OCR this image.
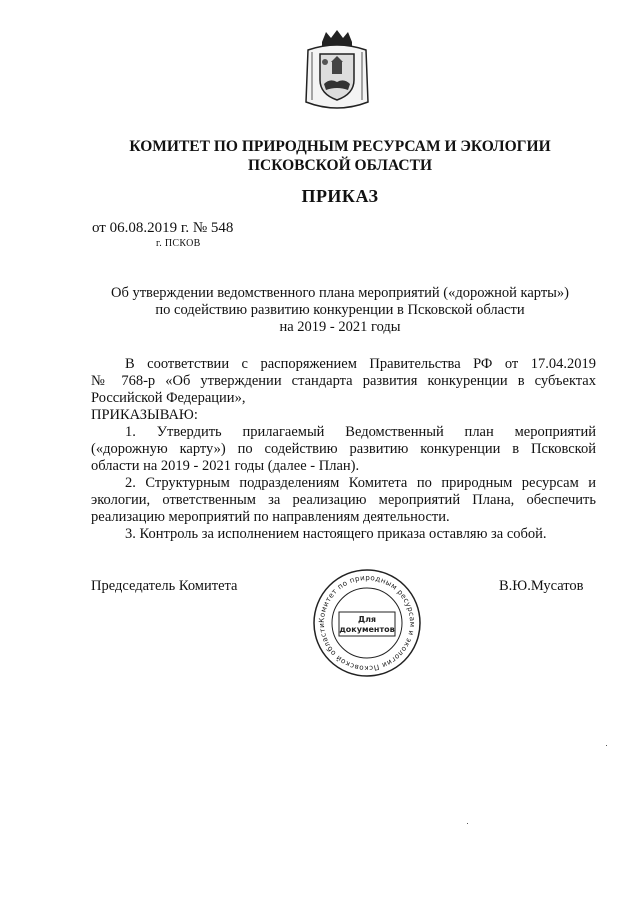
КОМИТЕТ ПО ПРИРОДНЫМ РЕСУРСАМ И ЭКОЛОГИИ
ПСКОВСКОЙ ОБЛАСТИ
ПРИКАЗ
от 06.08.2019 г. № 548
г. ПСКОВ
Об утверждении ведомственного плана мероприятий («дорожной карты»)
по содействию развитию конкуренции в Псковской области
на 2019 - 2021 годы
В соответствии с распоряжением Правительства РФ от 17.04.2019
№ 768-р «Об утверждении стандарта развития конкуренции в субъектах
Российской Федерации»,
ПРИКАЗЫВАЮ:
1. Утвердить прилагаемый Ведомственный план мероприятий
(«дорожную карту») по содействию развитию конкуренции в Псковской
области на 2019 - 2021 годы (далее - План).
2. Структурным подразделениям Комитета по природным ресурсам и
экологии, ответственным за реализацию мероприятий Плана, обеспечить
реализацию мероприятий по направлениям деятельности.
3. Контроль за исполнением настоящего приказа оставляю за собой.
Председатель Комитета	В.Ю.Мусатов
Комитет по природным ресурсам и экологии Псковской области
Для
документов
